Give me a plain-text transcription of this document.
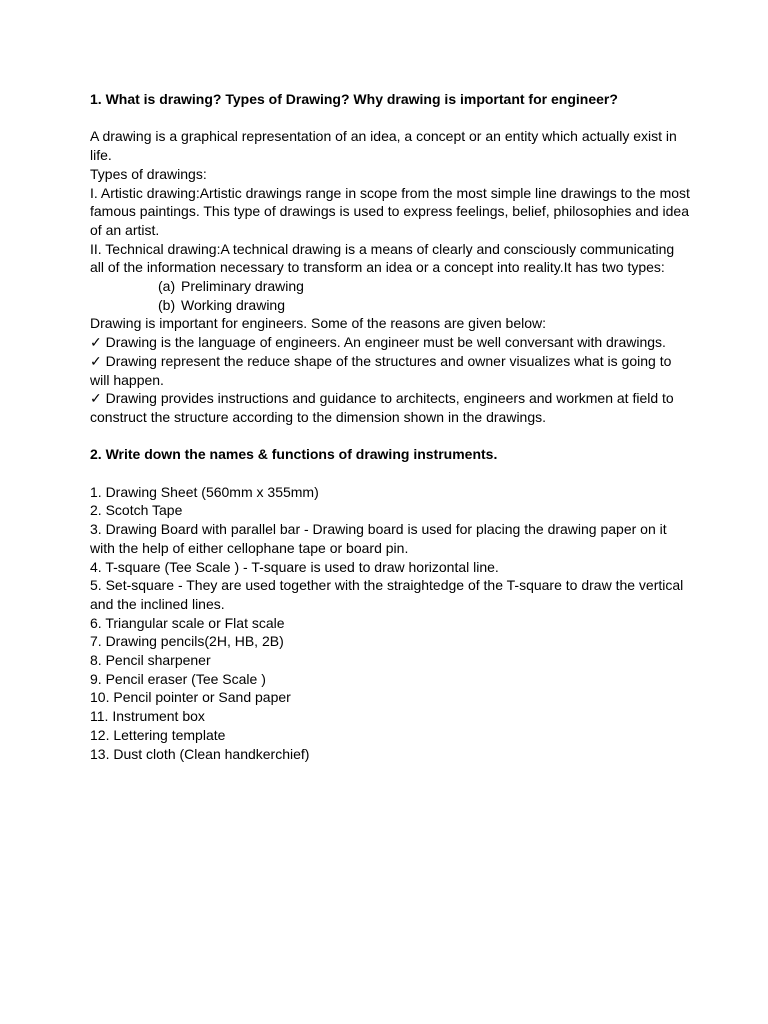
1. What is drawing? Types of Drawing? Why drawing is important for engineer?

A drawing is a graphical representation of an idea, a concept or an entity which actually exist in life.

Types of drawings:

I. Artistic drawing:Artistic drawings range in scope from the most simple line drawings to the most famous paintings. This type of drawings is used to express feelings, belief, philosophies and idea of an artist.

II. Technical drawing:A technical drawing is a means of clearly and consciously communicating all of the information necessary to transform an idea or a concept into reality.It has two types:

(a) Preliminary drawing

(b) Working drawing

Drawing is important for engineers. Some of the reasons are given below:

✓ Drawing is the language of engineers. An engineer must be well conversant with drawings.

✓ Drawing represent the reduce shape of the structures and owner visualizes what is going to will happen.

✓ Drawing provides instructions and guidance to architects, engineers and workmen at field to construct the structure according to the dimension shown in the drawings.

2. Write down the names & functions of drawing instruments.

1. Drawing Sheet (560mm x 355mm)

2. Scotch Tape

3. Drawing Board with parallel bar - Drawing board is used for placing the drawing paper on it with the help of either cellophane tape or board pin.

4. T-square (Tee Scale ) - T-square is used to draw horizontal line.

5. Set-square - They are used together with the straightedge of the T-square to draw the vertical and the inclined lines.

6. Triangular scale or Flat scale

7. Drawing pencils(2H, HB, 2B)

8. Pencil sharpener

9. Pencil eraser (Tee Scale )

10. Pencil pointer or Sand paper

11. Instrument box

12. Lettering template

13. Dust cloth (Clean handkerchief)
